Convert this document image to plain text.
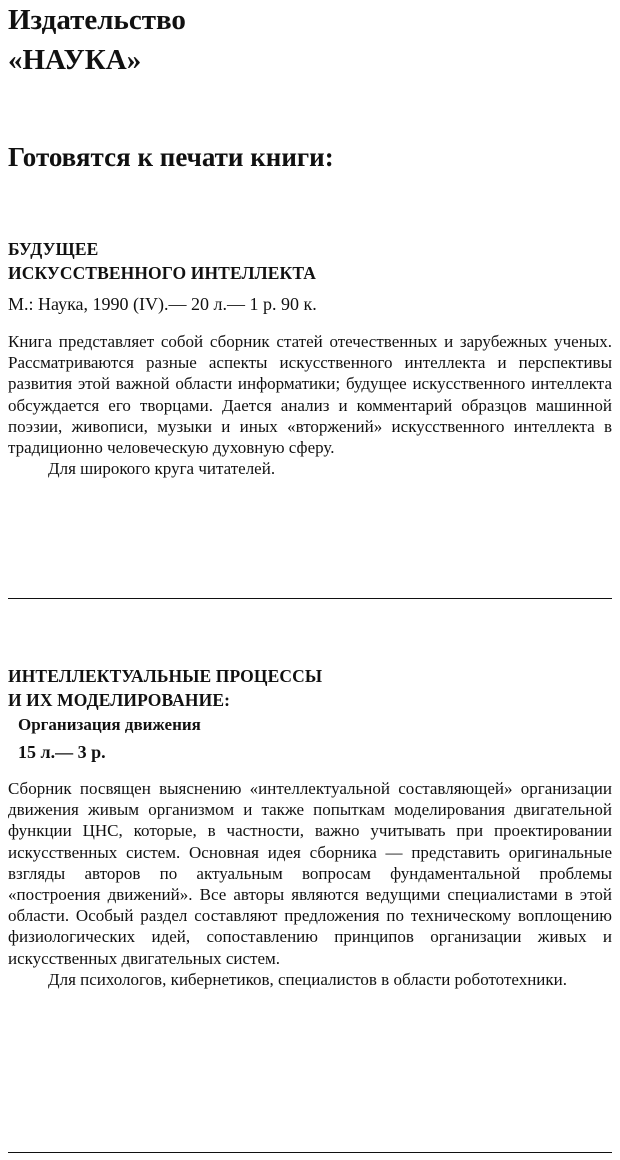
Издательство
«НАУКА»
Готовятся к печати книги:
БУДУЩЕЕ
ИСКУССТВЕННОГО ИНТЕЛЛЕКТА
М.: Наука, 1990 (IV).— 20 л.— 1 р. 90 к.

Книга представляет собой сборник статей отечественных и зарубежных ученых. Рассматриваются разные аспекты искусственного интеллекта и перспективы развития этой важной области информатики; будущее искусственного интеллекта обсуждается его творцами. Дается анализ и комментарий образцов машинной поэзии, живописи, музыки и иных «вторжений» искусственного интеллекта в традиционно человеческую духовную сферу.

Для широкого круга читателей.

ИНТЕЛЛЕКТУАЛЬНЫЕ ПРОЦЕССЫ
И ИХ МОДЕЛИРОВАНИЕ:
Организация движения
15 л.— 3 р.

Сборник посвящен выяснению «интеллектуальной составляющей» организации движения живым организмом и также попыткам моделирования двигательной функции ЦНС, которые, в частности, важно учитывать при проектировании искусственных систем. Основная идея сборника — представить оригинальные взгляды авторов по актуальным вопросам фундаментальной проблемы «построения движений». Все авторы являются ведущими специалистами в этой области. Особый раздел составляют предложения по техническому воплощению физиологических идей, сопоставлению принципов организации живых и искусственных двигательных систем.

Для психологов, кибернетиков, специалистов в области робототехники.
